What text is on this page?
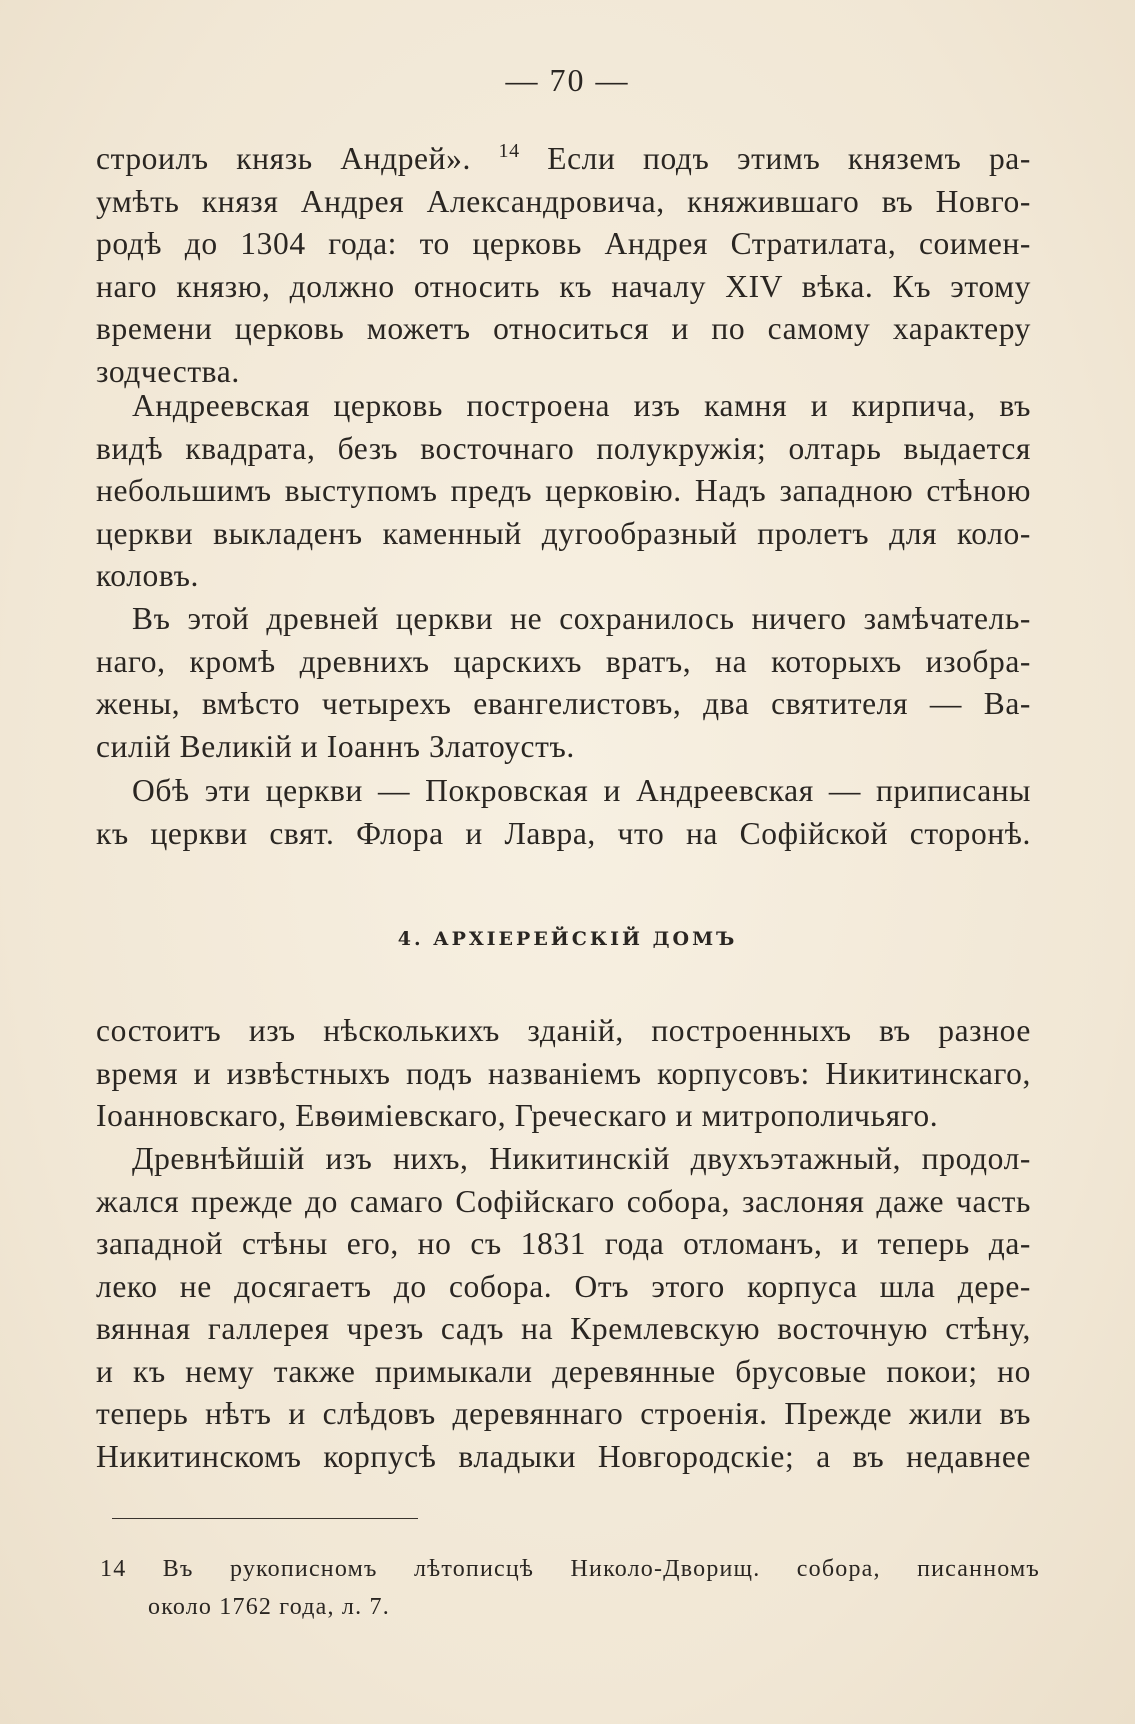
— 70 —
строилъ князь Андрей». $^{14}$ Если подъ этимъ княземъ ра-
умѣть князя Андрея Александровича, княжившаго въ Новго-
родѣ до 1304 года: то церковь Андрея Стратилата, соимен-
наго князю, должно относить къ началу XIV вѣка. Къ этому
времени церковь можетъ относиться и по самому характеру
зодчества.
Андреевская церковь построена изъ камня и кирпича, въ
видѣ квадрата, безъ восточнаго полукружія; олтарь выдается
небольшимъ выступомъ предъ церковію. Надъ западною стѣною
церкви выкладенъ каменный дугообразный пролетъ для коло-
коловъ.
Въ этой древней церкви не сохранилось ничего замѣчатель-
наго, кромѣ древнихъ царскихъ вратъ, на которыхъ изобра-
жены, вмѣсто четырехъ евангелистовъ, два святителя — Ва-
силій Великій и Іоаннъ Златоустъ.
Обѣ эти церкви — Покровская и Андреевская — приписаны
къ церкви свят. Флора и Лавра, что на Софійской сторонѣ.
4. АРХІЕРЕЙСКІЙ ДОМЪ
состоитъ изъ нѣсколькихъ зданій, построенныхъ въ разное
время и извѣстныхъ подъ названіемъ корпусовъ: Никитинскаго,
Іоанновскаго, Евѳиміевскаго, Греческаго и митрополичьяго.
Древнѣйшій изъ нихъ, Никитинскій двухъэтажный, продол-
жался прежде до самаго Софійскаго собора, заслоняя даже часть
западной стѣны его, но съ 1831 года отломанъ, и теперь да-
леко не досягаетъ до собора. Отъ этого корпуса шла дере-
вянная галлерея чрезъ садъ на Кремлевскую восточную стѣну,
и къ нему также примыкали деревянные брусовые покои; но
теперь нѣтъ и слѣдовъ деревяннаго строенія. Прежде жили въ
Никитинскомъ корпусѣ владыки Новгородскіе; а въ недавнее
14 Въ рукописномъ лѣтописцѣ Николо-Дворищ. собора, писанномъ
около 1762 года, л. 7.
